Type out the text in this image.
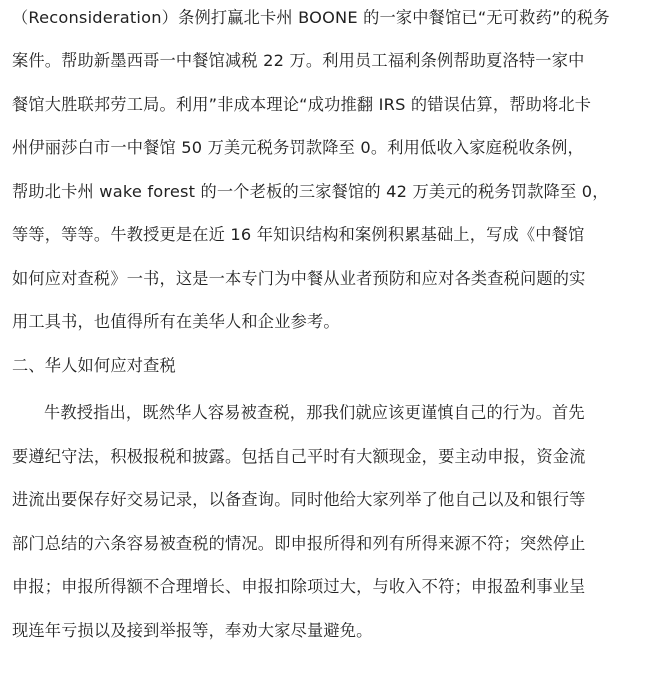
（Reconsideration）条例打赢北卡州 BOONE 的一家中餐馆已“无可救药”的税务
案件。帮助新墨西哥一中餐馆减税 22 万。利用员工福利条例帮助夏洛特一家中
餐馆大胜联邦劳工局。利用”非成本理论“成功推翻 IRS 的错误估算，帮助将北卡
州伊丽莎白市一中餐馆 50 万美元税务罚款降至 0。利用低收入家庭税收条例，
帮助北卡州 wake forest 的一个老板的三家餐馆的 42 万美元的税务罚款降至 0，
等等，等等。牛教授更是在近 16 年知识结构和案例积累基础上，写成《中餐馆
如何应对查税》一书，这是一本专门为中餐从业者预防和应对各类查税问题的实
用工具书，也值得所有在美华人和企业参考。
二、华人如何应对查税
牛教授指出，既然华人容易被查税，那我们就应该更谨慎自己的行为。首先
要遵纪守法，积极报税和披露。包括自己平时有大额现金，要主动申报，资金流
进流出要保存好交易记录，以备查询。同时他给大家列举了他自己以及和银行等
部门总结的六条容易被查税的情况。即申报所得和列有所得来源不符；突然停止
申报；申报所得额不合理增长、申报扣除项过大，与收入不符；申报盈利事业呈
现连年亏损以及接到举报等，奉劝大家尽量避免。
